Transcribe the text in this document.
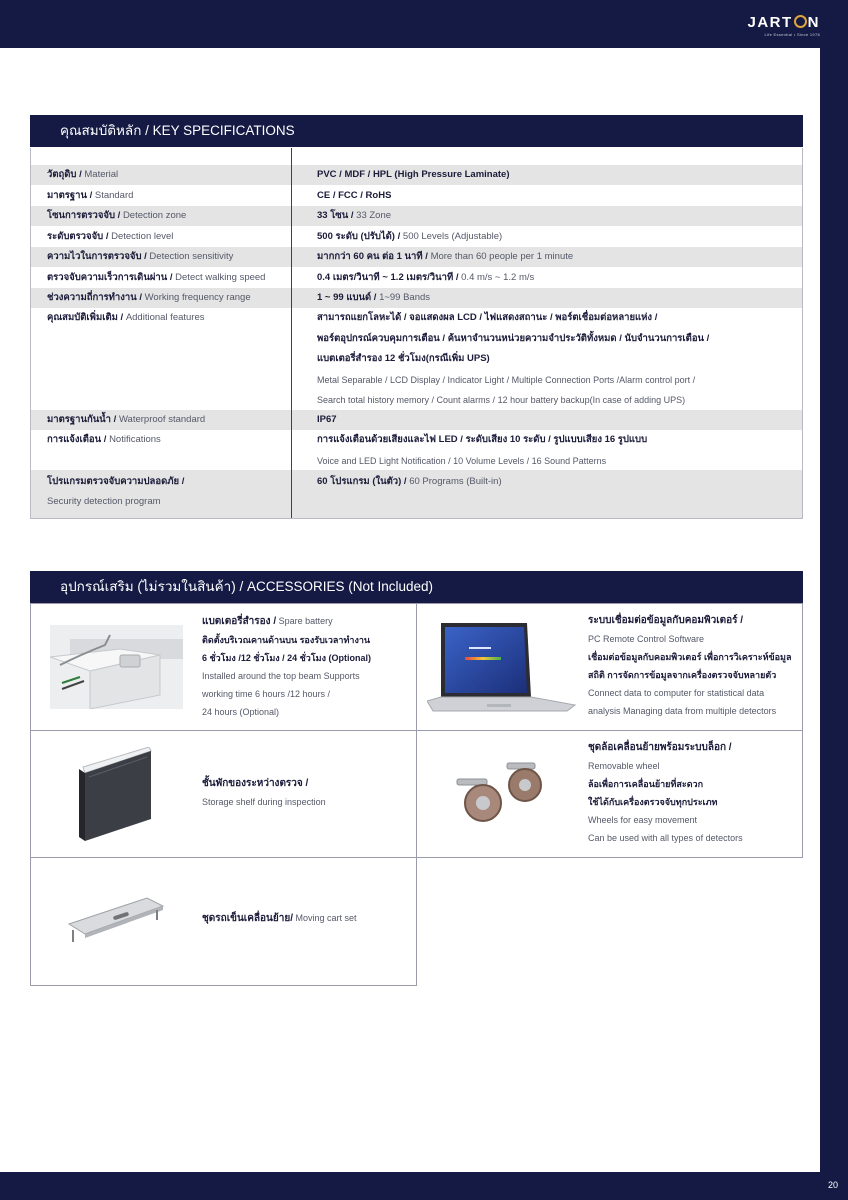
JART N
Life Essential • Since 1978
20
คุณสมบัติหลัก / KEY SPECIFICATIONS
วัตถุดิบ / Material	PVC / MDF / HPL (High Pressure Laminate)
มาตรฐาน / Standard	CE / FCC / RoHS
โซนการตรวจจับ / Detection zone	33 โซน / 33 Zone
ระดับตรวจจับ / Detection level	500 ระดับ (ปรับได้) / 500 Levels (Adjustable)
ความไวในการตรวจจับ / Detection sensitivity	มากกว่า 60 คน ต่อ 1 นาที / More than 60 people per 1 minute
ตรวจจับความเร็วการเดินผ่าน / Detect walking speed	0.4 เมตร/วินาที ~ 1.2 เมตร/วินาที / 0.4 m/s ~ 1.2 m/s
ช่วงความถี่การทำงาน / Working frequency range	1 ~ 99 แบนด์ / 1~99 Bands
คุณสมบัติเพิ่มเติม / Additional features	สามารถแยกโลหะได้ / จอแสดงผล LCD / ไฟแสดงสถานะ / พอร์ตเชื่อมต่อหลายแห่ง /
พอร์ตอุปกรณ์ควบคุมการเตือน / ค้นหาจำนวนหน่วยความจำประวัติทั้งหมด / นับจำนวนการเตือน /
แบตเตอรี่สำรอง 12 ชั่วโมง(กรณีเพิ่ม UPS)
Metal Separable / LCD Display / Indicator Light / Multiple Connection Ports /Alarm control port /
Search total history memory / Count alarms / 12 hour battery backup(In case of adding UPS)
มาตรฐานกันน้ำ / Waterproof standard	IP67
การแจ้งเตือน / Notifications	การแจ้งเตือนด้วยเสียงและไฟ LED / ระดับเสียง 10 ระดับ / รูปแบบเสียง 16 รูปแบบ
Voice and LED Light Notification / 10 Volume Levels / 16 Sound Patterns
โปรแกรมตรวจจับความปลอดภัย /
Security detection program
60 โปรแกรม (ในตัว) / 60 Programs (Built-in)
อุปกรณ์เสริม (ไม่รวมในสินค้า) / ACCESSORIES (Not Included)
แบตเตอรี่สำรอง / Spare battery
ติดตั้งบริเวณคานด้านบน รองรับเวลาทำงาน
6 ชั่วโมง /12 ชั่วโมง / 24 ชั่วโมง (Optional)
Installed around the top beam Supports
working time 6 hours /12 hours /
24 hours (Optional)
ระบบเชื่อมต่อข้อมูลกับคอมพิวเตอร์ /
PC Remote Control Software
เชื่อมต่อข้อมูลกับคอมพิวเตอร์ เพื่อการวิเคราะห์ข้อมูล
สถิติ การจัดการข้อมูลจากเครื่องตรวจจับหลายตัว
Connect data to computer for statistical data
analysis Managing data from multiple detectors
ชั้นพักของระหว่างตรวจ /
Storage shelf during inspection
ชุดล้อเคลื่อนย้ายพร้อมระบบล็อก /
Removable wheel
ล้อเพื่อการเคลื่อนย้ายที่สะดวก
ใช้ได้กับเครื่องตรวจจับทุกประเภท
Wheels for easy movement
Can be used with all types of detectors
ชุดรถเข็นเคลื่อนย้าย/ Moving cart set
